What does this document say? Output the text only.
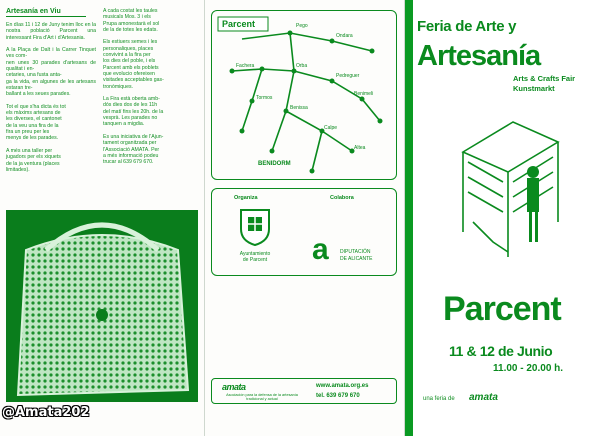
Artesanía en Viu
En días 11 i 12 de Juny tenim lloc en la nostra població Parcent una interessant Fira d'Art i d'Artesania.

A la Plaça de Dalt i la Carrer Tinquet ves com-
nen unes 30 parades d'artesans de qualitat i en-
cetaries, una fusta anta-
ga la vida, en algunes de les artesans estaran tre-
ballant a les seues parades.

Tot el que s'ha dicta és tot
els màxims artesans de
les diverses, el cantonet
de la veu una fira de la
fira un preu per les
menys de les parades.

A més una taller per
jugadors per els xiquets
de la ja ventura (places
limitades).
A cada costat les taules
musicals Mos. 3 i els
Prupa amonestarà el sol
de la de totes les edats.

Els estiuers semes i les
personaliques, places
convivint a la fira per
los dies del poble, i els
Parcent amb els poblets
que evolucio ofereixen
visitades acceptables gas-
tronòmiques.

La Fira està oberta amb-
dós dies dos de les 11h
del matí fins les 20h. de la
vesprà. Les parades no
tanquen a migdia.

Es una iniciativa de l'Ajun-
tament organitzada per
l'Associació AMATA. Per
a més informació podeu
trucar al 639 679 670.
@Amata202
Parcent
BENIDORM
Pego
Ondara
Orba
Pedreguer
Benimeli
Fachera
Benissa
Calpe
Altea
Tormos
Organiza
Ayuntamiento
de Parcent
Colabora
a DIPUTACIÓN
DE ALICANTE
amata
Asociación para la defensa de la artesanía tradicional y actual
www.amata.org.es
tel. 639 679 670
Feria de Arte y
Artesanía
Arts & Crafts Fair
Kunstmarkt
Parcent
11 & 12 de Junio
11.00 - 20.00 h.
una feria de amata
